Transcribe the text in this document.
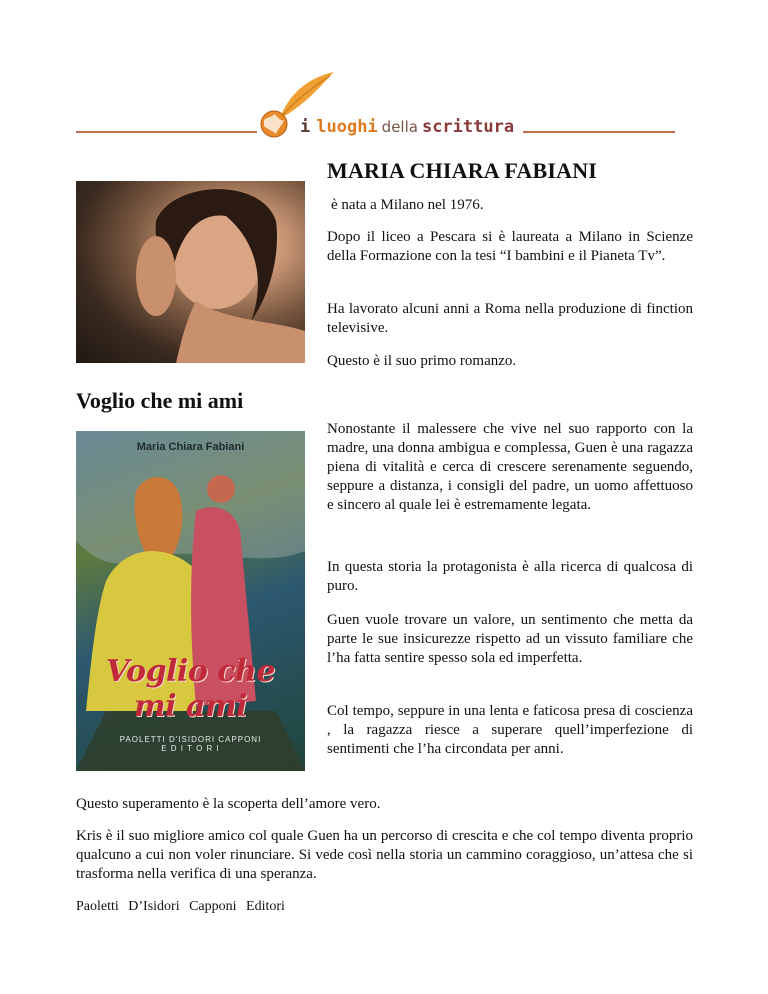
i luoghi della scrittura
MARIA CHIARA FABIANI
è nata a Milano nel 1976.
Dopo il liceo a Pescara si è laureata a Milano in Scienze della Formazione con la tesi “I bambini e il Pianeta Tv”.
Ha lavorato alcuni anni a Roma nella produzione di finction televisive.
Questo è il suo primo romanzo.
Voglio che mi ami
Maria Chiara Fabiani
Voglio che mi ami
PAOLETTI D'ISIDORI CAPPONI
E D I T O R I
Nonostante il malessere che vive nel suo rapporto con la madre, una donna ambigua e complessa, Guen è una ragazza piena di vitalità e cerca di crescere serenamente seguendo, seppure a distanza, i consigli del padre, un uomo affettuoso e sincero al quale lei è estremamente legata.
In questa storia la protagonista è alla ricerca di qualcosa di puro.
Guen vuole trovare un valore, un sentimento che metta da parte le sue insicurezze rispetto ad un vissuto familiare che l’ha fatta sentire spesso sola ed imperfetta.
Col tempo, seppure in una lenta e faticosa presa di coscienza , la ragazza riesce a superare quell’imperfezione di sentimenti che l’ha circondata per anni.
Questo superamento è la scoperta dell’amore vero.
Kris è il suo migliore amico col quale Guen ha un percorso di crescita e che col tempo diventa proprio qualcuno a cui non voler rinunciare. Si vede così nella storia un cammino coraggioso, un’attesa che si trasforma nella verifica di una speranza.
Paoletti D’Isidori Capponi Editori
